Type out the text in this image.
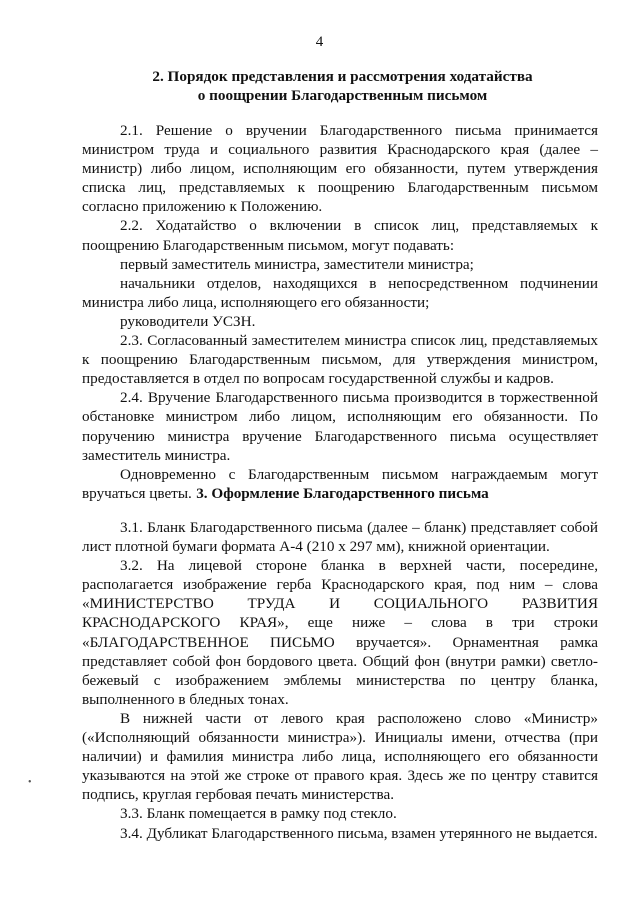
4
2. Порядок представления и рассмотрения ходатайства
о поощрении Благодарственным письмом

2.1. Решение о вручении Благодарственного письма принимается министром труда и социального развития Краснодарского края (далее – министр) либо лицом, исполняющим его обязанности, путем утверждения списка лиц, представляемых к поощрению Благодарственным письмом согласно приложению к Положению.

2.2. Ходатайство о включении в список лиц, представляемых к поощрению Благодарственным письмом, могут подавать:

первый заместитель министра, заместители министра;

начальники отделов, находящихся в непосредственном подчинении министра либо лица, исполняющего его обязанности;

руководители УСЗН.

2.3. Согласованный заместителем министра список лиц, представляемых к поощрению Благодарственным письмом, для утверждения министром, предоставляется в отдел по вопросам государственной службы и кадров.

2.4. Вручение Благодарственного письма производится в торжественной обстановке министром либо лицом, исполняющим его обязанности. По поручению министра вручение Благодарственного письма осуществляет заместитель министра.

Одновременно с Благодарственным письмом награждаемым могут вручаться цветы. 3. Оформление Благодарственного письма

3.1. Бланк Благодарственного письма (далее – бланк) представляет собой лист плотной бумаги формата А-4 (210 х 297 мм), книжной ориентации.

3.2. На лицевой стороне бланка в верхней части, посередине, располагается изображение герба Краснодарского края, под ним – слова «МИНИСТЕРСТВО ТРУДА И СОЦИАЛЬНОГО РАЗВИТИЯ КРАСНОДАРСКОГО КРАЯ», еще ниже – слова в три строки «БЛАГОДАРСТВЕННОЕ ПИСЬМО вручается». Орнаментная рамка представляет собой фон бордового цвета. Общий фон (внутри рамки) светло-бежевый с изображением эмблемы министерства по центру бланка, выполненного в бледных тонах.

В нижней части от левого края расположено слово «Министр» («Исполняющий обязанности министра»). Инициалы имени, отчества (при наличии) и фамилия министра либо лица, исполняющего его обязанности указываются на этой же строке от правого края. Здесь же по центру ставится подпись, круглая гербовая печать министерства.

3.3. Бланк помещается в рамку под стекло.

3.4. Дубликат Благодарственного письма, взамен утерянного не выдается.

•
